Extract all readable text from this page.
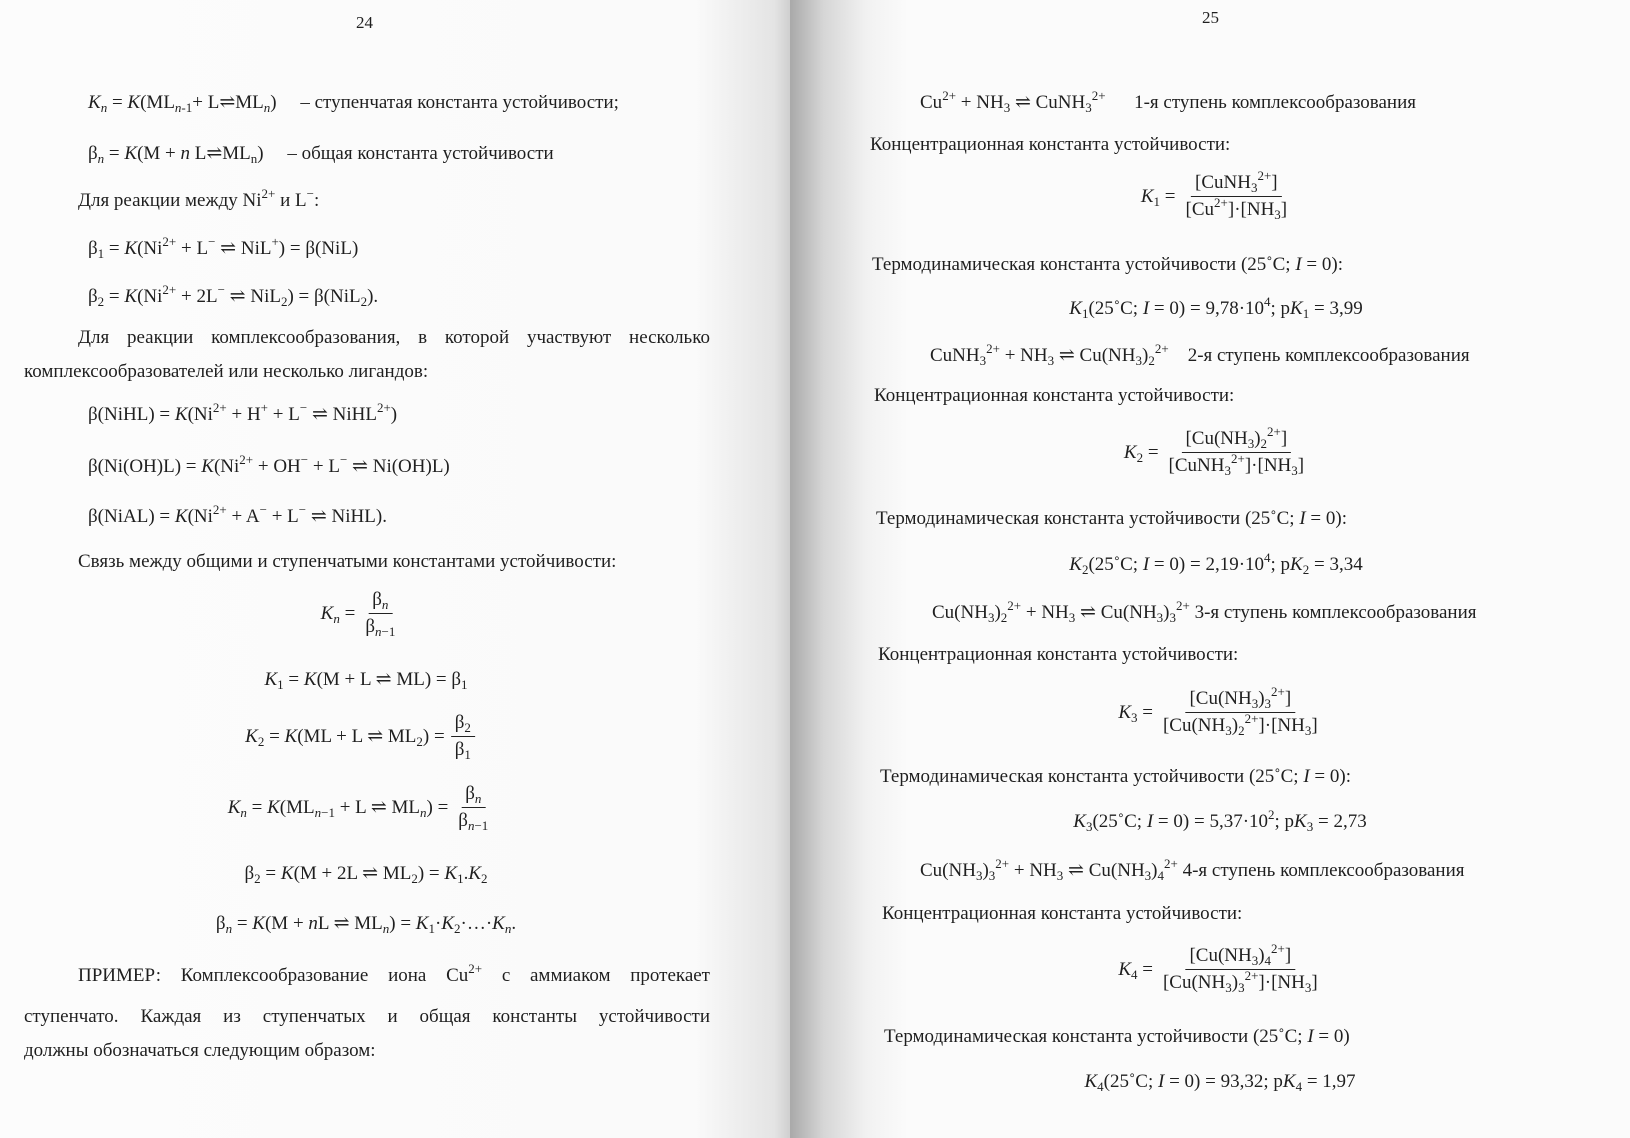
24
$K_n = K(ML_{n-1}+$ $L\rightleftharpoons ML_n$)     – ступенчатая константа устойчивости;
$\beta_n = K(M + n$ $L\rightleftharpoons ML_n$)     – общая константа устойчивости
Для реакции между $Ni^{2+}$ и L−:
$\beta_1 = K(Ni^{2+} + L^-$ ⇌ NiL+) = β(NiL)
$\beta_2 = K(Ni^{2+} + 2L^-$ ⇌ NiL$_2$) = β(NiL$_2$).
Для реакции комплексообразования, в которой участвуют несколько
комплексообразователей или несколько лигандов:
β(NiHL) = $K(Ni^{2+} + H^+ + L^-$ ⇌ NiHL$^{2+}$)
$\beta(Ni(OH)L) = K(Ni^{2+} + OH^- + L^-$ ⇌ Ni(OH)L)
β(NiAL) = $K(Ni^{2+} + A^- + L^-$ ⇌ NiHL).
Связь между общими и ступенчатыми константами устойчивости:
$K_n = \frac{\beta_n}{\beta_{n-1}}$
$K_1 = K(M + L$ ⇌ $ML) = \beta_1$
$K_2 = K(ML + L$ ⇌ $ML_2) = \frac{\beta_2}{\beta_1}$
$K_n = K(ML_{n-1} + L$ ⇌ $ML_n) = \frac{\beta_n}{\beta_{n-1}}$
$\beta_2 = K(M + 2L$ ⇌ $ML_2) = K_1.K_2$
$\beta_n = K(M$ + nL ⇌ $ML_n$) = $K_1\cdot K_2\cdot\dots\cdot K_n$.
ПРИМЕР: Комплексообразование иона $Cu^{2+}$ с аммиаком протекает
ступенчато. Каждая из ступенчатых и общая константы устойчивости
должны обозначаться следующим образом:
25
$Cu^{2+} + NH_3$ ⇌ CuNH$_3^{2+}$ 1-я ступень комплексообразования
Концентрационная константа устойчивости:
$K_1 = \frac{[CuNH_3^{2+}]}{[Cu^{2+}]\cdot[NH_3]}$
Термодинамическая константа устойчивости (25˚C; I = 0):
$K_1(25˚C$; $I = 0) = 9,78\cdot 10^4$; $pK_1 = 3,99$
CuNH$_3^{2+}$ + $NH_3$ ⇌ $Cu(NH_3)_2^{2+}$ 2-я ступень комплексообразования
Концентрационная константа устойчивости:
$K_2 = \frac{[Cu(NH_3)_2^{2+}]}{[CuNH_3^{2+}]\cdot[NH_3]}$
Термодинамическая константа устойчивости (25˚C; I = 0):
$K_2(25˚C$; $I = 0) = 2,19\cdot 10^4$; $pK_2 = 3,34$
$Cu(NH_3)_2^{2+} + NH_3$ ⇌ $Cu(NH_3)_3^{2+}$ 3-я ступень комплексообразования
Концентрационная константа устойчивости:
$K_3 = \frac{[Cu(NH_3)_3^{2+}]}{[Cu(NH_3)_2^{2+}]\cdot[NH_3]}$
Термодинамическая константа устойчивости (25˚C; I = 0):
$K_3(25˚C$; $I = 0) = 5,37\cdot 10^2$; $pK_3 = 2,73$
$Cu(NH_3)_3^{2+} + NH_3$ ⇌ $Cu(NH_3)_4^{2+}$ 4-я ступень комплексообразования
Концентрационная константа устойчивости:
$K_4 = \frac{[Cu(NH_3)_4^{2+}]}{[Cu(NH_3)_3^{2+}]\cdot[NH_3]}$
Термодинамическая константа устойчивости (25˚C; I = 0)
$K_4(25˚C$; I = 0) = 93,32; $pK_4 = 1,97$
